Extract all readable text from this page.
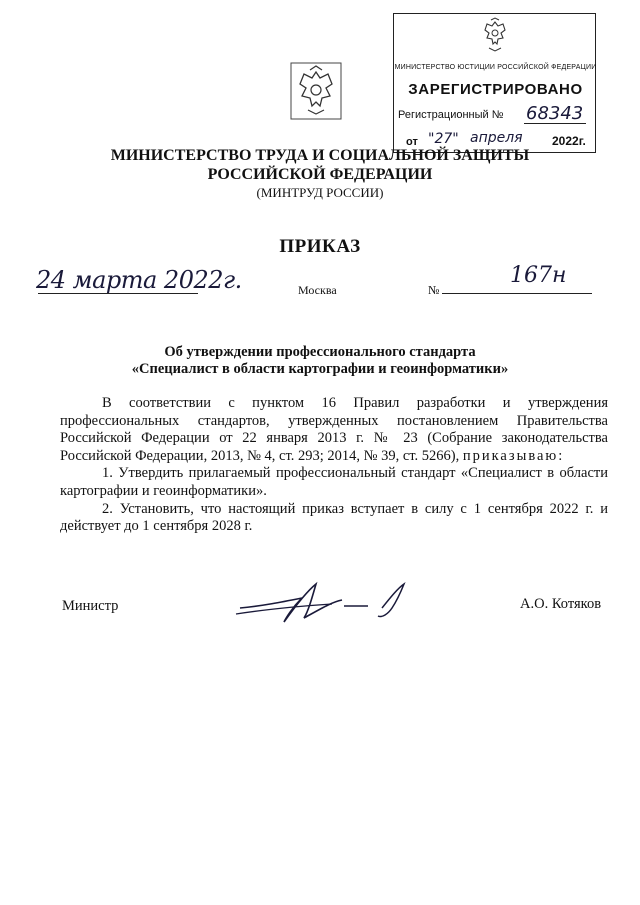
МИНИСТЕРСТВО ЮСТИЦИИ РОССИЙСКОЙ ФЕДЕРАЦИИ
ЗАРЕГИСТРИРОВАНО
Регистрационный № 68343
от "27" апреля 2022г.
МИНИСТЕРСТВО ТРУДА И СОЦИАЛЬНОЙ ЗАЩИТЫ
РОССИЙСКОЙ ФЕДЕРАЦИИ
(МИНТРУД РОССИИ)
ПРИКАЗ
24 марта 2022г.	Москва	№
167н
Об утверждении профессионального стандарта
«Специалист в области картографии и геоинформатики»

В соответствии с пунктом 16 Правил разработки и утверждения профессиональных стандартов, утвержденных постановлением Правительства Российской Федерации от 22 января 2013 г. № 23 (Собрание законодательства Российской Федерации, 2013, № 4, ст. 293; 2014, № 39, ст. 5266), приказываю:

1. Утвердить прилагаемый профессиональный стандарт «Специалист в области картографии и геоинформатики».

2. Установить, что настоящий приказ вступает в силу с 1 сентября 2022 г. и действует до 1 сентября 2028 г.

Министр	А.О. Котяков
